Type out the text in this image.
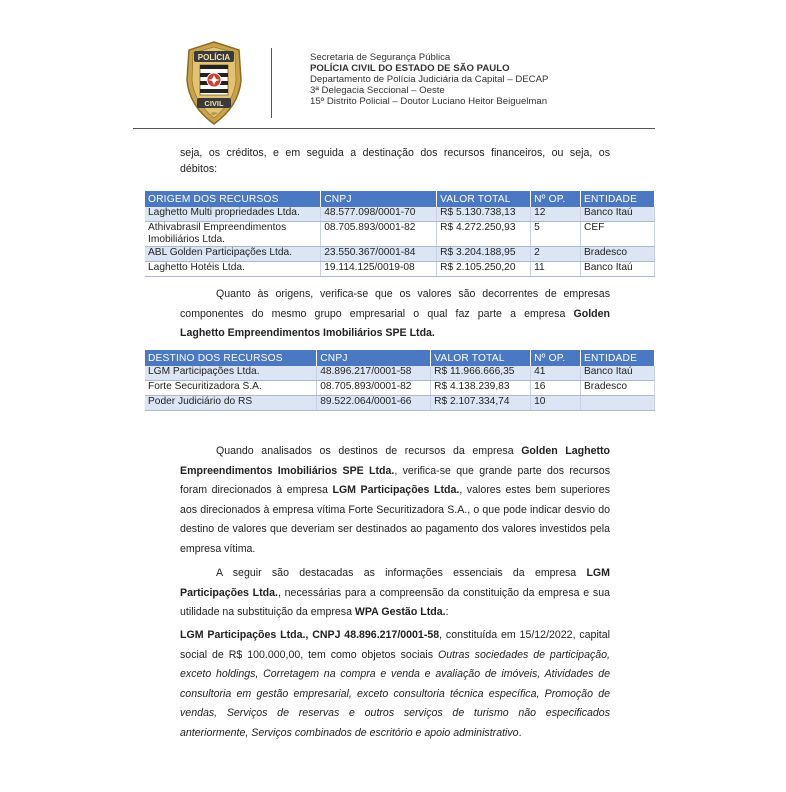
POLÍCIA
CIVIL
SP
Secretaria de Segurança Pública
POLÍCIA CIVIL DO ESTADO DE SÃO PAULO
Departamento de Polícia Judiciária da Capital – DECAP
3ª Delegacia Seccional – Oeste
15º Distrito Policial – Doutor Luciano Heitor Beiguelman
seja, os créditos, e em seguida a destinação dos recursos financeiros, ou seja, os
débitos:
ORIGEM DOS RECURSOS	CNPJ	VALOR TOTAL	Nº OP.	ENTIDADE
Laghetto Multi propriedades Ltda.	48.577.098/0001-70	R$ 5.130.738,13	12	Banco Itaú
Athivabrasil Empreendimentos Imobiliários Ltda.	08.705.893/0001-82	R$ 4.272.250,93	5	CEF
ABL Golden Participações Ltda.	23.550.367/0001-84	R$ 3.204.188,95	2	Bradesco
Laghetto Hotéis Ltda.	19.114.125/0019-08	R$ 2.105.250,20	11	Banco Itaú
Quanto às origens, verifica-se que os valores são decorrentes de empresas
componentes do mesmo grupo empresarial o qual faz parte a empresa Golden
Laghetto Empreendimentos Imobiliários SPE Ltda.
DESTINO DOS RECURSOS	CNPJ	VALOR TOTAL	Nº OP.	ENTIDADE
LGM Participações Ltda.	48.896.217/0001-58	R$ 11.966.666,35	41	Banco Itaú
Forte Securitizadora S.A.	08.705.893/0001-82	R$ 4.138.239,83	16	Bradesco
Poder Judiciário do RS	89.522.064/0001-66	R$ 2.107.334,74	10	
Quando analisados os destinos de recursos da empresa Golden Laghetto Empreendimentos Imobiliários SPE Ltda., verifica-se que grande parte dos recursos foram direcionados à empresa LGM Participações Ltda., valores estes bem superiores aos direcionados à empresa vítima Forte Securitizadora S.A., o que pode indicar desvio do destino de valores que deveriam ser destinados ao pagamento dos valores investidos pela empresa vítima.
A seguir são destacadas as informações essenciais da empresa LGM Participações Ltda., necessárias para a compreensão da constituição da empresa e sua utilidade na substituição da empresa WPA Gestão Ltda.:
LGM Participações Ltda., CNPJ 48.896.217/0001-58, constituída em 15/12/2022, capital social de R$ 100.000,00, tem como objetos sociais Outras sociedades de participação, exceto holdings, Corretagem na compra e venda e avaliação de imóveis, Atividades de consultoria em gestão empresarial, exceto consultoria técnica específica, Promoção de vendas, Serviços de reservas e outros serviços de turismo não especificados anteriormente, Serviços combinados de escritório e apoio administrativo.
